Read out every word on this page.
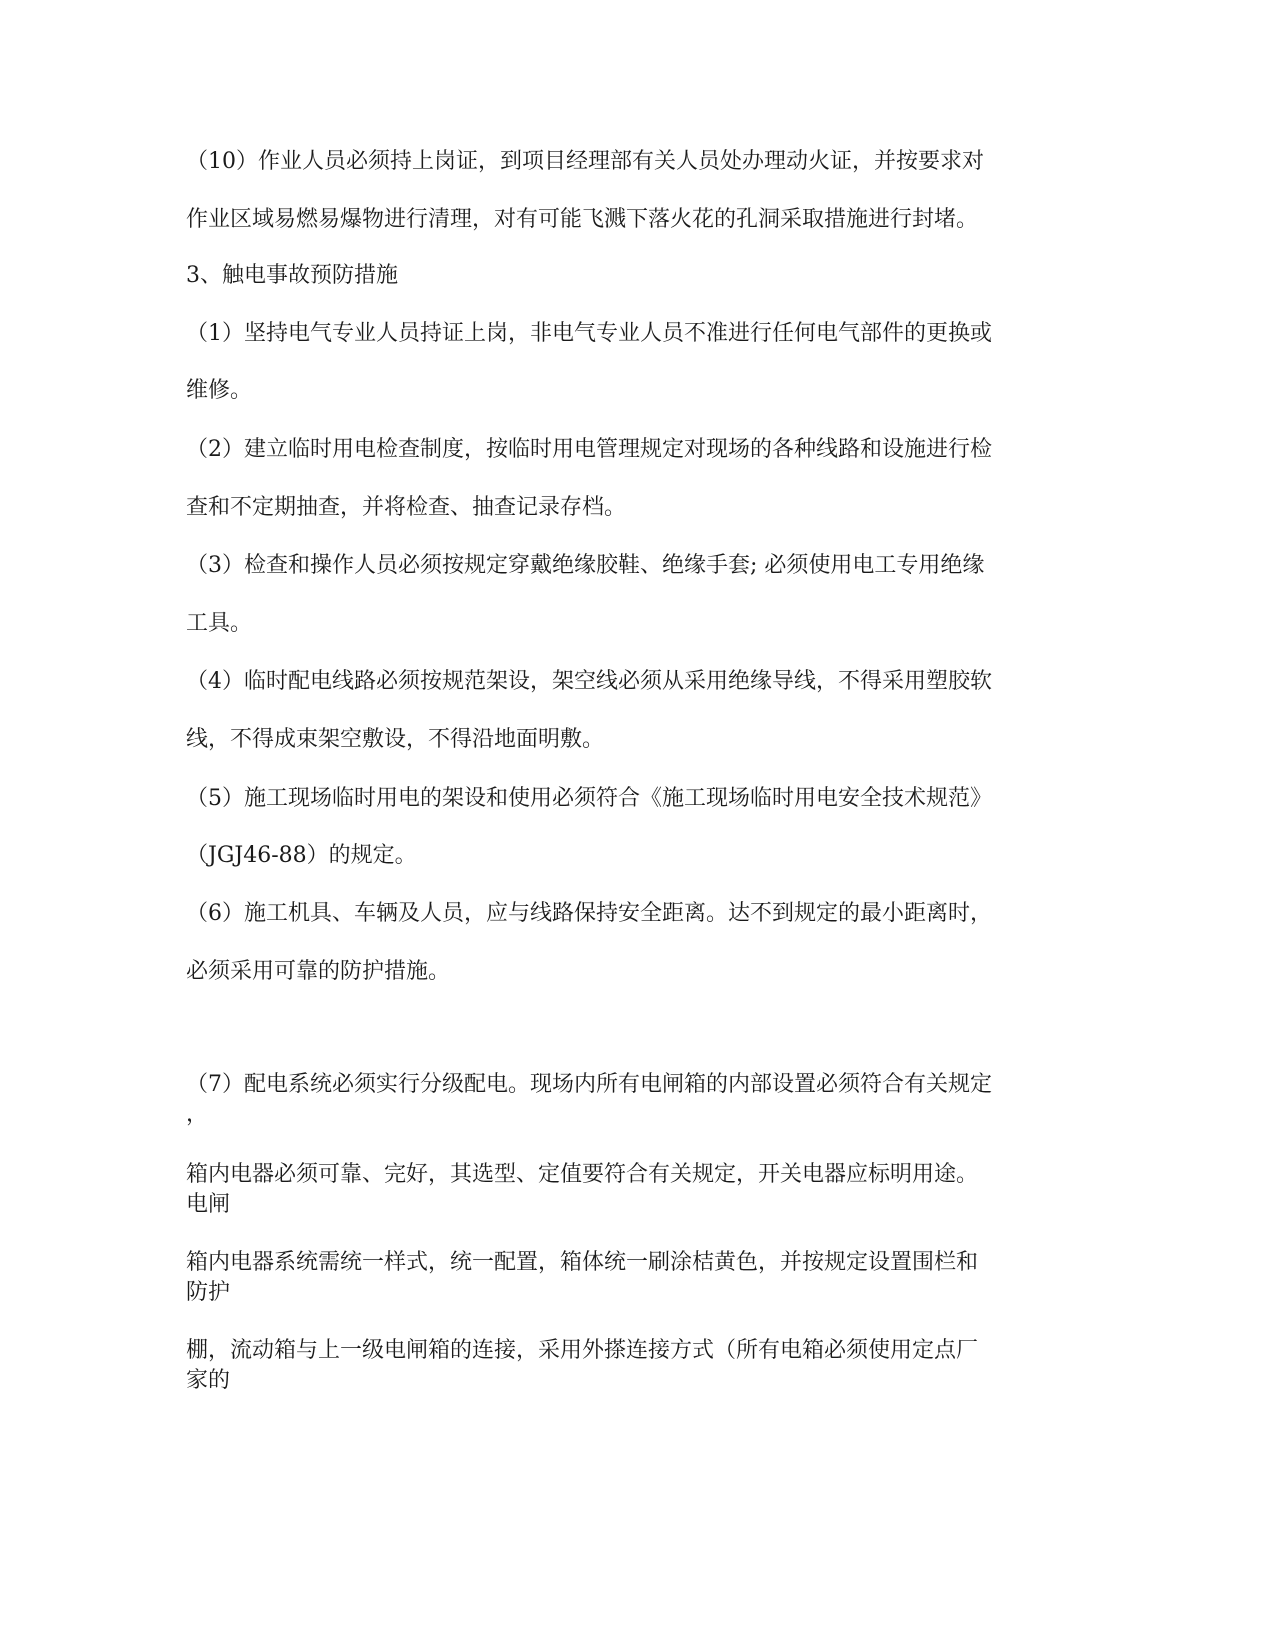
（10）作业人员必须持上岗证，到项目经理部有关人员处办理动火证，并按要求对
作业区域易燃易爆物进行清理，对有可能飞溅下落火花的孔洞采取措施进行封堵。
3、触电事故预防措施
（1）坚持电气专业人员持证上岗，非电气专业人员不准进行任何电气部件的更换或
维修。
（2）建立临时用电检查制度，按临时用电管理规定对现场的各种线路和设施进行检
查和不定期抽查，并将检查、抽查记录存档。
（3）检查和操作人员必须按规定穿戴绝缘胶鞋、绝缘手套; 必须使用电工专用绝缘
工具。
（4）临时配电线路必须按规范架设，架空线必须从采用绝缘导线，不得采用塑胶软
线，不得成束架空敷设，不得沿地面明敷。
（5）施工现场临时用电的架设和使用必须符合《施工现场临时用电安全技术规范》
（JGJ46-88）的规定。
（6）施工机具、车辆及人员，应与线路保持安全距离。达不到规定的最小距离时，
必须采用可靠的防护措施。
（7）配电系统必须实行分级配电。现场内所有电闸箱的内部设置必须符合有关规定
，
箱内电器必须可靠、完好，其选型、定值要符合有关规定，开关电器应标明用途。
电闸
箱内电器系统需统一样式，统一配置，箱体统一刷涂桔黄色，并按规定设置围栏和
防护
棚，流动箱与上一级电闸箱的连接，采用外搽连接方式（所有电箱必须使用定点厂
家的
